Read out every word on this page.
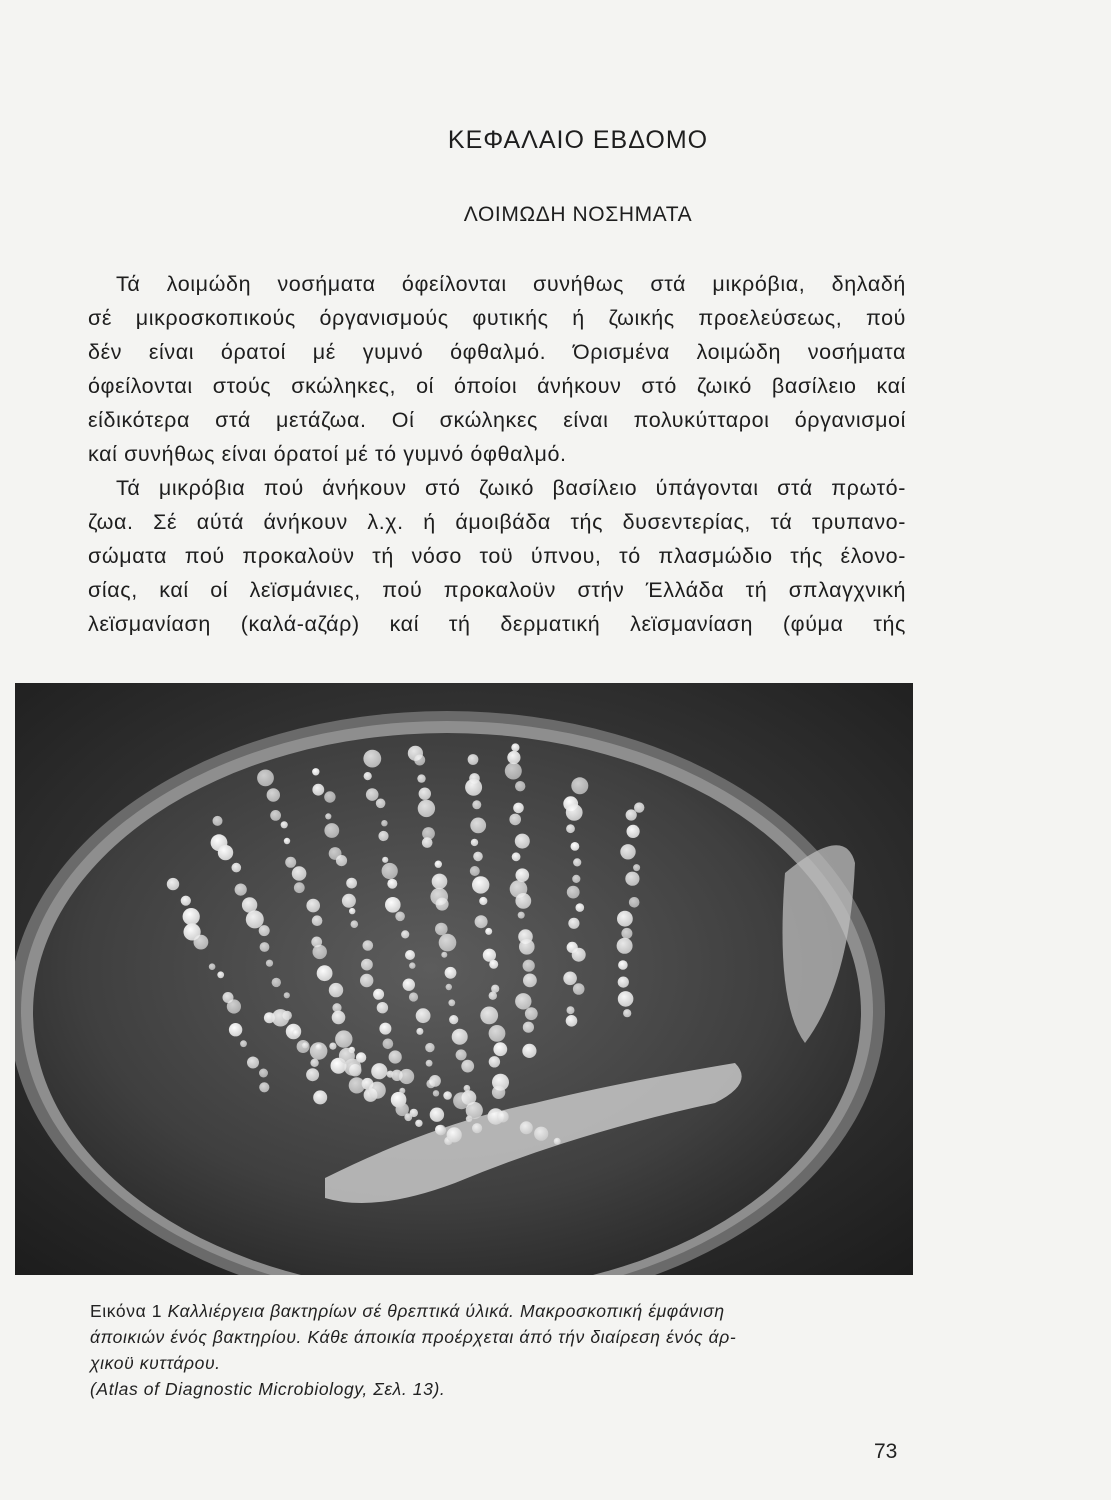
ΚΕΦΑΛΑΙΟ ΕΒΔΟΜΟ
ΛΟΙΜΩΔΗ ΝΟΣΗΜΑΤΑ
Τά λοιμώδη νοσήματα όφείλονται συνήθως στά μικρόβια, δηλαδή
σέ μικροσκοπικούς όργανισμούς φυτικής ή ζωικής προελεύσεως, πού
δέν είναι όρατοί μέ γυμνό όφθαλμό. Όρισμένα λοιμώδη νοσήματα
όφείλονται στούς σκώληκες, οί όποίοι άνήκουν στό ζωικό βασίλειο καί
είδικότερα στά μετάζωα. Οί σκώληκες είναι πολυκύτταροι όργανισμοί
καί συνήθως είναι όρατοί μέ τό γυμνό όφθαλμό.
Τά μικρόβια πού άνήκουν στό ζωικό βασίλειο ύπάγονται στά πρωτό-
ζωα. Σέ αύτά άνήκουν λ.χ. ή άμοιβάδα τής δυσεντερίας, τά τρυπανο-
σώματα πού προκαλοϋν τή νόσο τοϋ ύπνου, τό πλασμώδιο τής έλονο-
σίας, καί οί λεϊσμάνιες, πού προκαλοϋν στήν Έλλάδα τή σπλαγχνική
λεϊσμανίαση (καλά-αζάρ) καί τή δερματική λεϊσμανίαση (φύμα τής
Εικόνα 1 Καλλιέργεια βακτηρίων σέ θρεπτικά ύλικά. Μακροσκοπική έμφάνιση
άποικιών ένός βακτηρίου. Κάθε άποικία προέρχεται άπό τήν διαίρεση ένός άρ-
χικοϋ κυττάρου.
(Atlas of Diagnostic Microbiology, Σελ. 13).
73
